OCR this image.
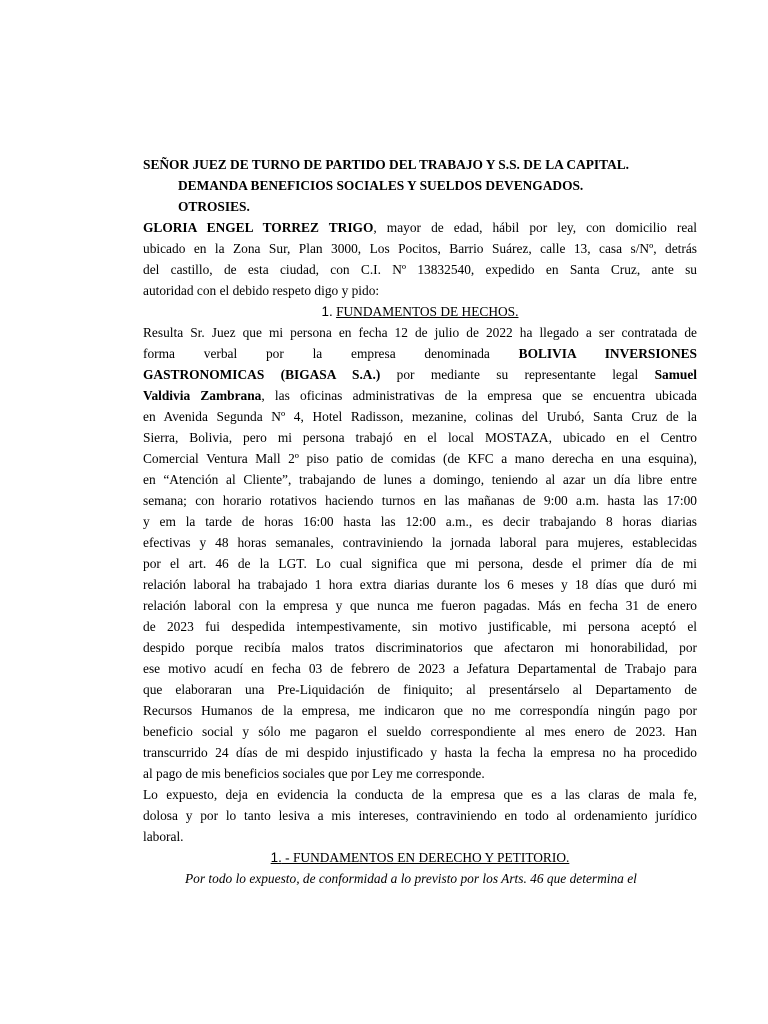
SEÑOR JUEZ DE TURNO DE PARTIDO DEL TRABAJO Y S.S. DE LA CAPITAL.
DEMANDA BENEFICIOS SOCIALES Y SUELDOS DEVENGADOS.
OTROSIES.
GLORIA ENGEL TORREZ TRIGO, mayor de edad, hábil por ley, con domicilio real
ubicado en la Zona Sur, Plan 3000, Los Pocitos, Barrio Suárez, calle 13, casa s/Nº, detrás
del castillo, de esta ciudad, con C.I. Nº 13832540, expedido en Santa Cruz, ante su
autoridad con el debido respeto digo y pido:
1. FUNDAMENTOS DE HECHOS.
Resulta Sr. Juez que mi persona en fecha 12 de julio de 2022 ha llegado a ser contratada de
forma verbal por la empresa denominada BOLIVIA INVERSIONES
GASTRONOMICAS (BIGASA S.A.) por mediante su representante legal Samuel
Valdivia Zambrana, las oficinas administrativas de la empresa que se encuentra ubicada
en Avenida Segunda Nº 4, Hotel Radisson, mezanine, colinas del Urubó, Santa Cruz de la
Sierra, Bolivia, pero mi persona trabajó en el local MOSTAZA, ubicado en el Centro
Comercial Ventura Mall 2º piso patio de comidas (de KFC a mano derecha en una esquina),
en “Atención al Cliente”, trabajando de lunes a domingo, teniendo al azar un día libre entre
semana; con horario rotativos haciendo turnos en las mañanas de 9:00 a.m. hasta las 17:00
y em la tarde de horas 16:00 hasta las 12:00 a.m., es decir trabajando 8 horas diarias
efectivas y 48 horas semanales, contraviniendo la jornada laboral para mujeres, establecidas
por el art. 46 de la LGT. Lo cual significa que mi persona, desde el primer día de mi
relación laboral ha trabajado 1 hora extra diarias durante los 6 meses y 18 días que duró mi
relación laboral con la empresa y que nunca me fueron pagadas. Más en fecha 31 de enero
de 2023 fui despedida intempestivamente, sin motivo justificable, mi persona aceptó el
despido porque recibía malos tratos discriminatorios que afectaron mi honorabilidad, por
ese motivo acudí en fecha 03 de febrero de 2023 a Jefatura Departamental de Trabajo para
que elaboraran una Pre-Liquidación de finiquito; al presentárselo al Departamento de
Recursos Humanos de la empresa, me indicaron que no me correspondía ningún pago por
beneficio social y sólo me pagaron el sueldo correspondiente al mes enero de 2023. Han
transcurrido 24 días de mi despido injustificado y hasta la fecha la empresa no ha procedido
al pago de mis beneficios sociales que por Ley me corresponde.
Lo expuesto, deja en evidencia la conducta de la empresa que es a las claras de mala fe,
dolosa y por lo tanto lesiva a mis intereses, contraviniendo en todo al ordenamiento jurídico
laboral.
1. - FUNDAMENTOS EN DERECHO Y PETITORIO.
Por todo lo expuesto, de conformidad a lo previsto por los Arts. 46 que determina el
